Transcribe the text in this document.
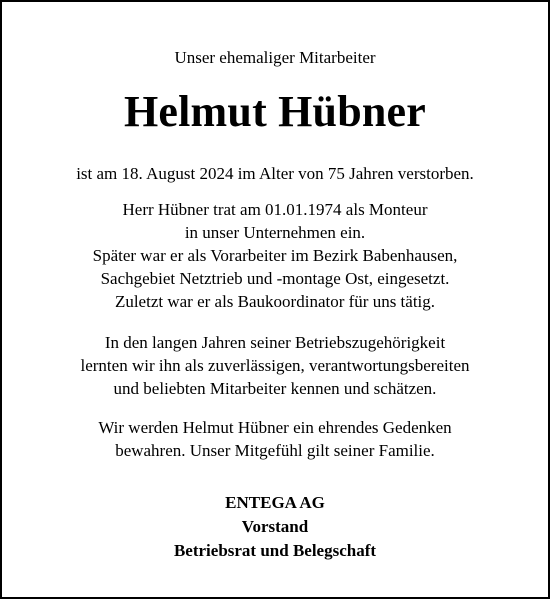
Unser ehemaliger Mitarbeiter
Helmut Hübner
ist am 18. August 2024 im Alter von 75 Jahren verstorben.
Herr Hübner trat am 01.01.1974 als Monteur
in unser Unternehmen ein.
Später war er als Vorarbeiter im Bezirk Babenhausen,
Sachgebiet Netztrieb und -montage Ost, eingesetzt.
Zuletzt war er als Baukoordinator für uns tätig.
In den langen Jahren seiner Betriebszugehörigkeit
lernten wir ihn als zuverlässigen, verantwortungsbereiten
und beliebten Mitarbeiter kennen und schätzen.
Wir werden Helmut Hübner ein ehrendes Gedenken
bewahren. Unser Mitgefühl gilt seiner Familie.
ENTEGA AG
Vorstand
Betriebsrat und Belegschaft
